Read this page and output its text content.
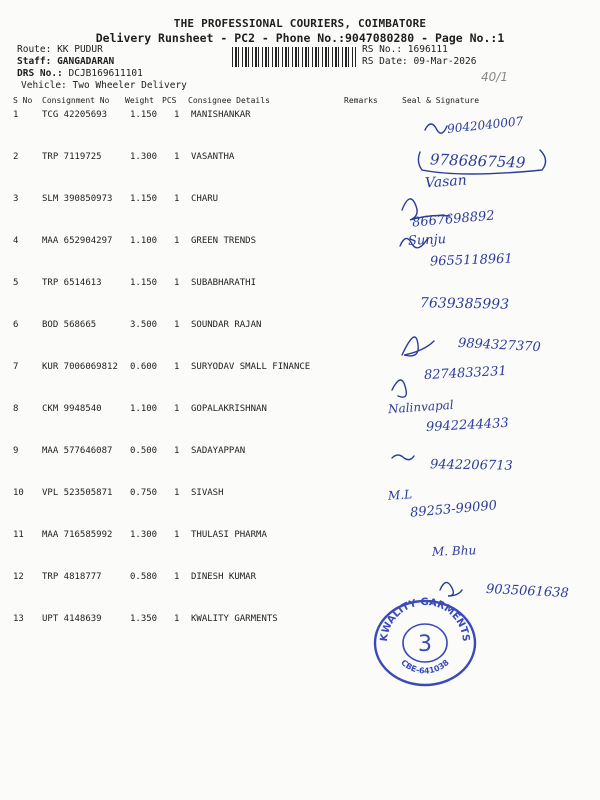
THE PROFESSIONAL COURIERS, COIMBATORE
Delivery Runsheet - PC2 - Phone No.:9047080280 - Page No.:1
Route: KK PUDUR
Staff: GANGADARAN
DRS No.: DCJB169611101
Vehicle: Two Wheeler Delivery
RS No.: 1696111
RS Date: 09-Mar-2026
40/1
S No Consignment No Weight PCS Consignee Details	Remarks	Seal & Signature
1	TCG 42205693	1.150 1 MANISHANKAR
2	TRP 7119725	1.300 1 VASANTHA
3	SLM 390850973 1.150 1 CHARU
4	MAA 652904297 1.100 1 GREEN TRENDS
5	TRP 6514613	1.150 1 SUBABHARATHI
6	BOD 568665	3.500 1 SOUNDAR RAJAN
7	KUR 7006069812 0.600 1 SURYODAV SMALL FINANCE
8	CKM 9948540	1.100 1 GOPALAKRISHNAN
9	MAA 577646087 0.500 1 SADAYAPPAN
10 VPL 523505871 0.750 1 SIVASH
11 MAA 716585992 1.300 1 THULASI PHARMA
12 TRP 4818777	0.580 1 DINESH KUMAR
13 UPT 4148639	1.350 1 KWALITY GARMENTS
9042040007
9786867549
Vasan
8667698892
Sunju
9655118961
7639385993
9894327370
8274833231
Nalinvapal
9942244433
9442206713
M.L
89253-99090
M. Bhu
9035061638
KWALITY GARMENTS
CBE-641038
3
